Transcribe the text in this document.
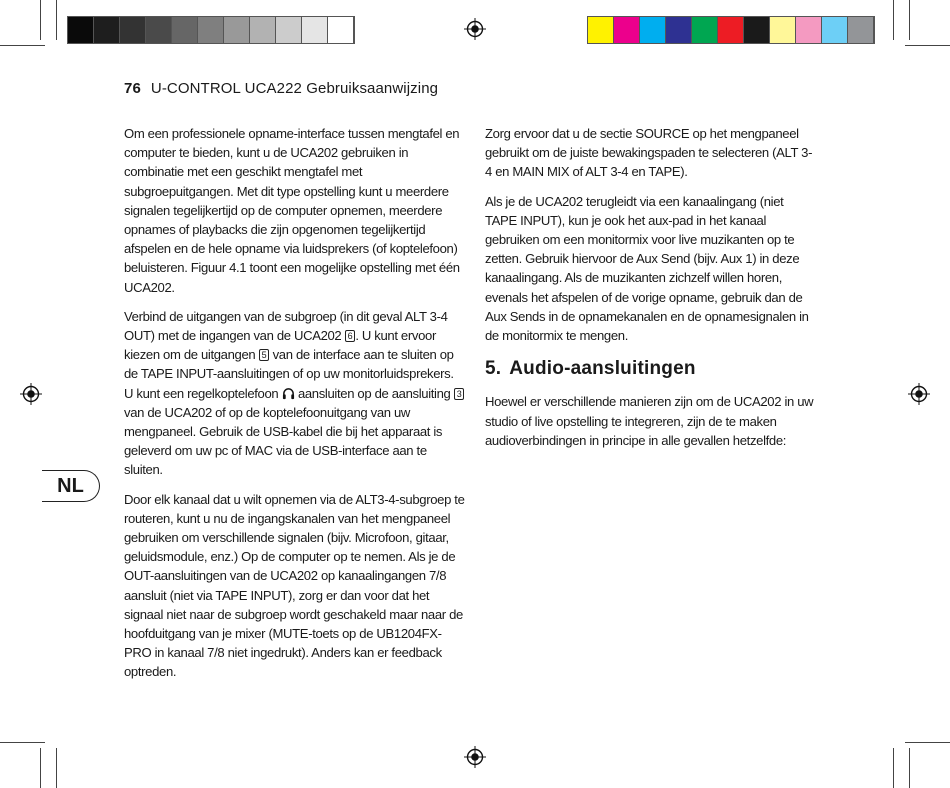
76 U-CONTROL UCA222 Gebruiksaanwijzing
NL

Om een professionele opname-interface tussen mengtafel en computer te bieden, kunt u de UCA202 gebruiken in combinatie met een geschikt mengtafel met subgroepuitgangen. Met dit type opstelling kunt u meerdere signalen tegelijkertijd op de computer opnemen, meerdere opnames of playbacks die zijn opgenomen tegelijkertijd afspelen en de hele opname via luidsprekers (of koptelefoon) beluisteren. Figuur 4.1 toont een mogelijke opstelling met één UCA202.

Verbind de uitgangen van de subgroep (in dit geval ALT 3-4 OUT) met de ingangen van de UCA202 6 . U kunt ervoor kiezen om de uitgangen 5 van de interface aan te sluiten op de TAPE INPUT-aansluitingen of op uw monitorluidsprekers. U kunt een regelkoptelefoon aansluiten op de aansluiting 3 van de UCA202 of op de koptelefoonuitgang van uw mengpaneel. Gebruik de USB-kabel die bij het apparaat is geleverd om uw pc of MAC via de USB-interface aan te sluiten.

Door elk kanaal dat u wilt opnemen via de ALT3-4-subgroep te routeren, kunt u nu de ingangskanalen van het mengpaneel gebruiken om verschillende signalen (bijv. Microfoon, gitaar, geluidsmodule, enz.) Op de computer op te nemen. Als je de OUT-aansluitingen van de UCA202 op kanaalingangen 7/8 aansluit (niet via TAPE INPUT), zorg er dan voor dat het signaal niet naar de subgroep wordt geschakeld maar naar de hoofduitgang van je mixer (MUTE-toets op de UB1204FX-PRO in kanaal 7/8 niet ingedrukt). Anders kan er feedback optreden.

Zorg ervoor dat u de sectie SOURCE op het mengpaneel gebruikt om de juiste bewakingspaden te selecteren (ALT 3-4 en MAIN MIX of ALT 3-4 en TAPE).

Als je de UCA202 terugleidt via een kanaalingang (niet TAPE INPUT), kun je ook het aux-pad in het kanaal gebruiken om een monitormix voor live muzikanten op te zetten. Gebruik hiervoor de Aux Send (bijv. Aux 1) in deze kanaalingang. Als de muzikanten zichzelf willen horen, evenals het afspelen of de vorige opname, gebruik dan de Aux Sends in de opnamekanalen en de opnamesignalen in de monitormix te mengen.

5. Audio-aansluitingen

Hoewel er verschillende manieren zijn om de UCA202 in uw studio of live opstelling te integreren, zijn de te maken audioverbindingen in principe in alle gevallen hetzelfde:
